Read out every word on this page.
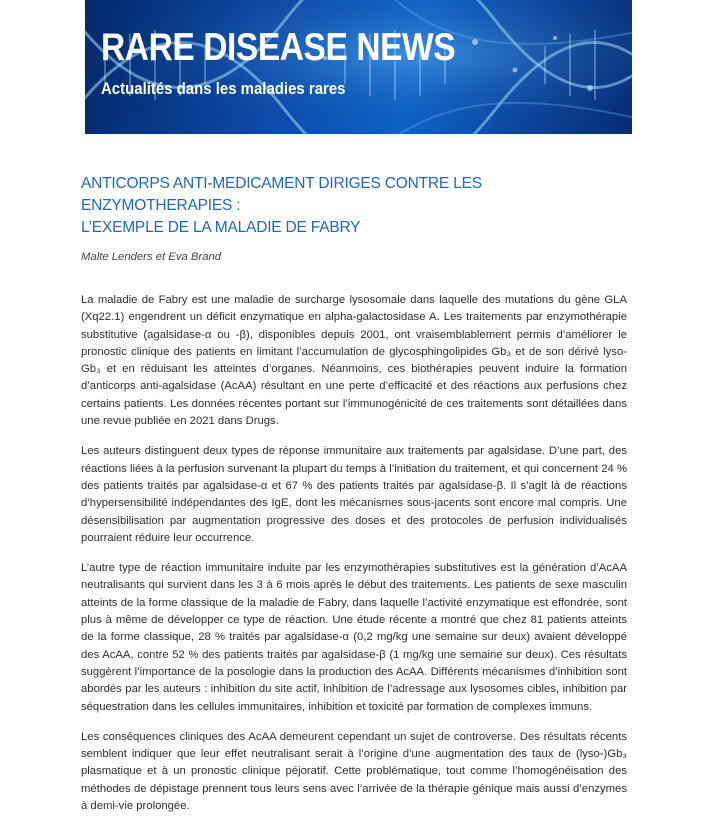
RARE DISEASE NEWS
Actualités dans les maladies rares
ANTICORPS ANTI-MEDICAMENT DIRIGES CONTRE LES ENZYMOTHERAPIES :
L’EXEMPLE DE LA MALADIE DE FABRY

Malte Lenders et Eva Brand

La maladie de Fabry est une maladie de surcharge lysosomale dans laquelle des mutations du gène GLA (Xq22.1) engendrent un déficit enzymatique en alpha-galactosidase A. Les traitements par enzymothérapie substitutive (agalsidase-α ou -β), disponibles depuis 2001, ont vraisemblablement permis d’améliorer le pronostic clinique des patients en limitant l’accumulation de glycosphingolipides Gb₃ et de son dérivé lyso-Gb₃ et en réduisant les atteintes d’organes. Néanmoins, ces biothérapies peuvent induire la formation d’anticorps anti-agalsidase (AcAA) résultant en une perte d’efficacité et des réactions aux perfusions chez certains patients. Les données récentes portant sur l’immunogénicité de ces traitements sont détaillées dans une revue publiée en 2021 dans Drugs.

Les auteurs distinguent deux types de réponse immunitaire aux traitements par agalsidase. D’une part, des réactions liées à la perfusion survenant la plupart du temps à l’initiation du traitement, et qui concernent 24 % des patients traités par agalsidase-α et 67 % des patients traités par agalsidase-β. Il s’agit là de réactions d’hypersensibilité indépendantes des IgE, dont les mécanismes sous-jacents sont encore mal compris. Une désensibilisation par augmentation progressive des doses et des protocoles de perfusion individualisés pourraient réduire leur occurrence.

L’autre type de réaction immunitaire induite par les enzymothérapies substitutives est la génération d’AcAA neutralisants qui survient dans les 3 à 6 mois après le début des traitements. Les patients de sexe masculin atteints de la forme classique de la maladie de Fabry, dans laquelle l’activité enzymatique est effondrée, sont plus à même de développer ce type de réaction. Une étude récente a montré que chez 81 patients atteints de la forme classique, 28 % traités par agalsidase-α (0,2 mg/kg une semaine sur deux) avaient développé des AcAA, contre 52 % des patients traités par agalsidase-β (1 mg/kg une semaine sur deux). Ces résultats suggèrent l’importance de la posologie dans la production des AcAA. Différents mécanismes d’inhibition sont abordés par les auteurs : inhibition du site actif, inhibition de l’adressage aux lysosomes cibles, inhibition par séquestration dans les cellules immunitaires, inhibition et toxicité par formation de complexes immuns.

Les conséquences cliniques des AcAA demeurent cependant un sujet de controverse. Des résultats récents semblent indiquer que leur effet neutralisant serait à l’origine d’une augmentation des taux de (lyso-)Gb₃ plasmatique et à un pronostic clinique péjoratif. Cette problématique, tout comme l’homogénéisation des méthodes de dépistage prennent tous leurs sens avec l’arrivée de la thérapie génique mais aussi d’enzymes à demi-vie prolongée.
